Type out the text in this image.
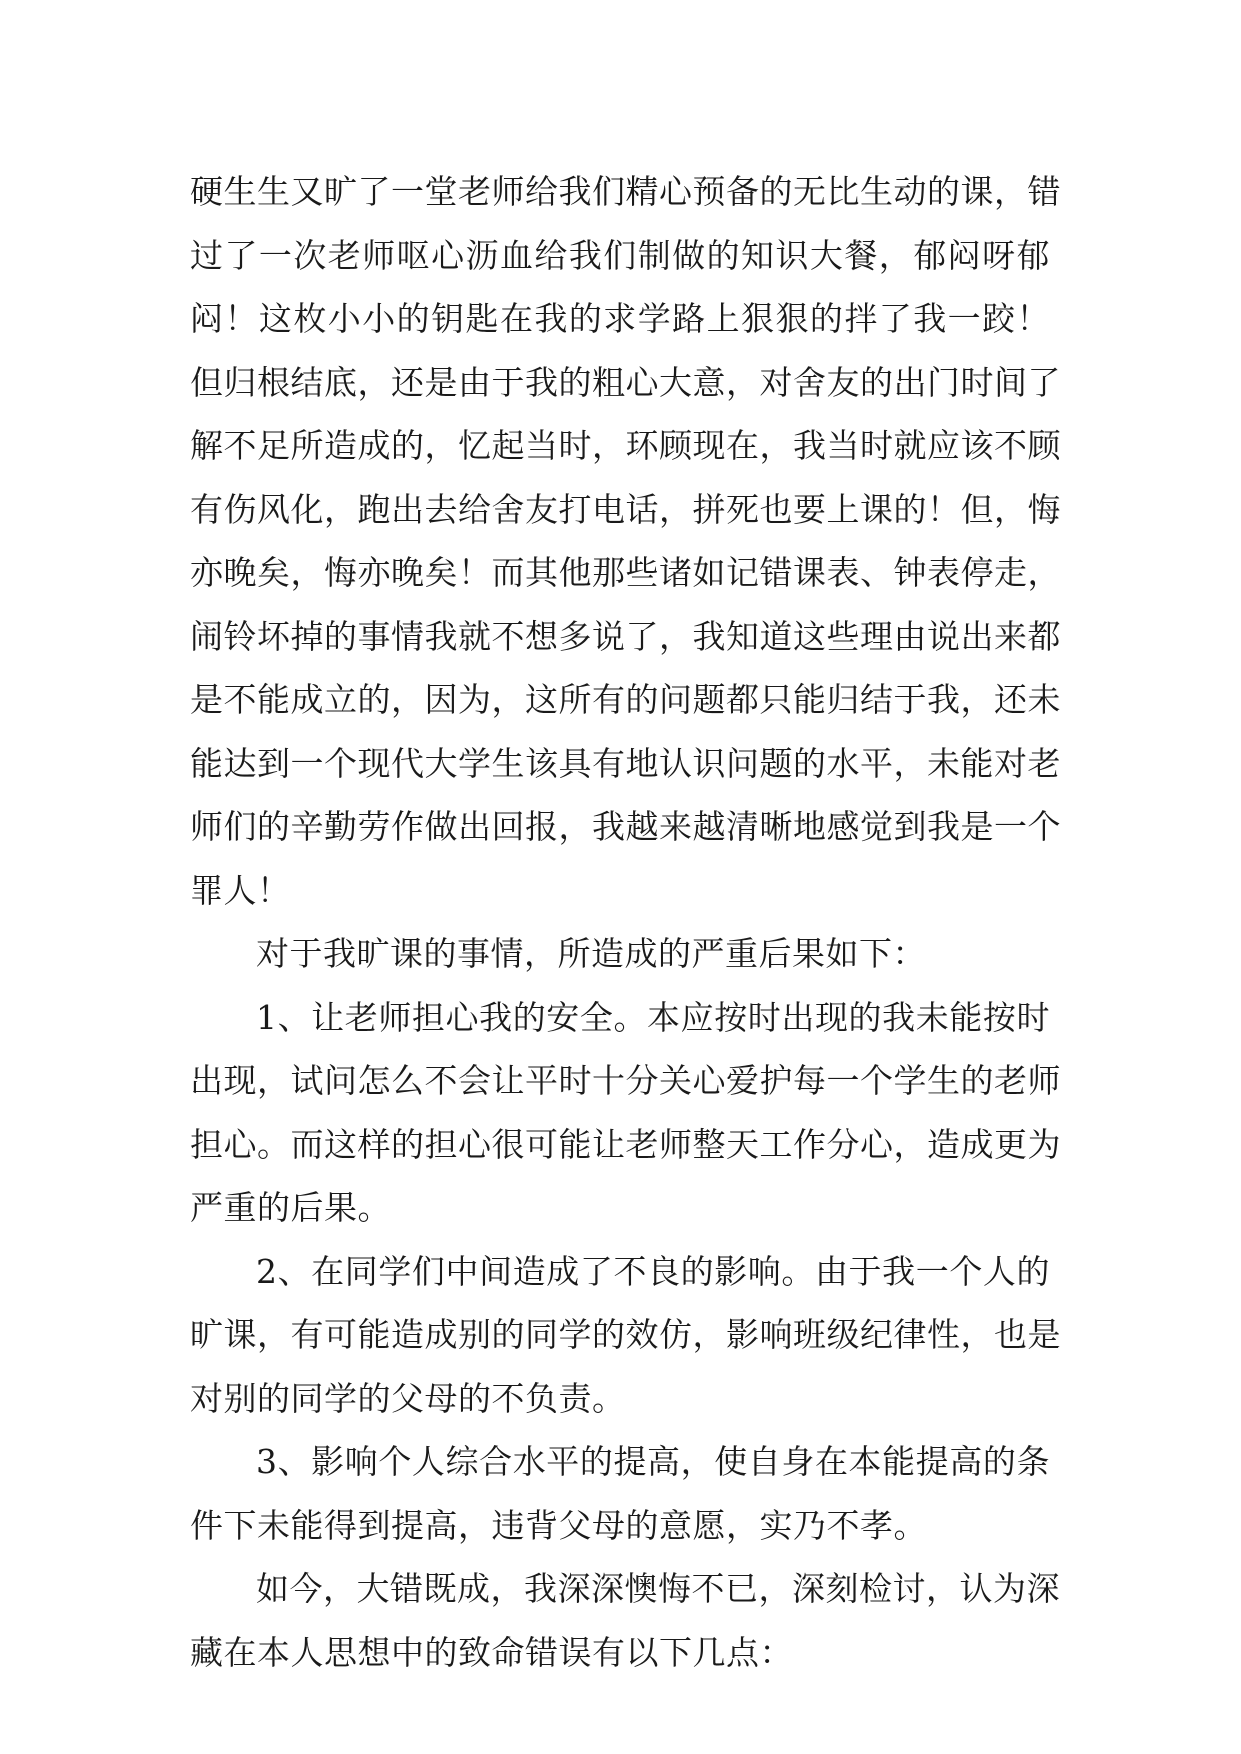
硬生生又旷了一堂老师给我们精心预备的无比生动的课，错
过了一次老师呕心沥血给我们制做的知识大餐，郁闷呀郁
闷！这枚小小的钥匙在我的求学路上狠狠的拌了我一跤！
但归根结底，还是由于我的粗心大意，对舍友的出门时间了
解不足所造成的，忆起当时，环顾现在，我当时就应该不顾
有伤风化，跑出去给舍友打电话，拼死也要上课的！但，悔
亦晚矣，悔亦晚矣！而其他那些诸如记错课表、钟表停走，
闹铃坏掉的事情我就不想多说了，我知道这些理由说出来都
是不能成立的，因为，这所有的问题都只能归结于我，还未
能达到一个现代大学生该具有地认识问题的水平，未能对老
师们的辛勤劳作做出回报，我越来越清晰地感觉到我是一个
罪人！
对于我旷课的事情，所造成的严重后果如下：
1、让老师担心我的安全。本应按时出现的我未能按时
出现，试问怎么不会让平时十分关心爱护每一个学生的老师
担心。而这样的担心很可能让老师整天工作分心，造成更为
严重的后果。
2、在同学们中间造成了不良的影响。由于我一个人的
旷课，有可能造成别的同学的效仿，影响班级纪律性，也是
对别的同学的父母的不负责。
3、影响个人综合水平的提高，使自身在本能提高的条
件下未能得到提高，违背父母的意愿，实乃不孝。
如今，大错既成，我深深懊悔不已，深刻检讨，认为深
藏在本人思想中的致命错误有以下几点：
